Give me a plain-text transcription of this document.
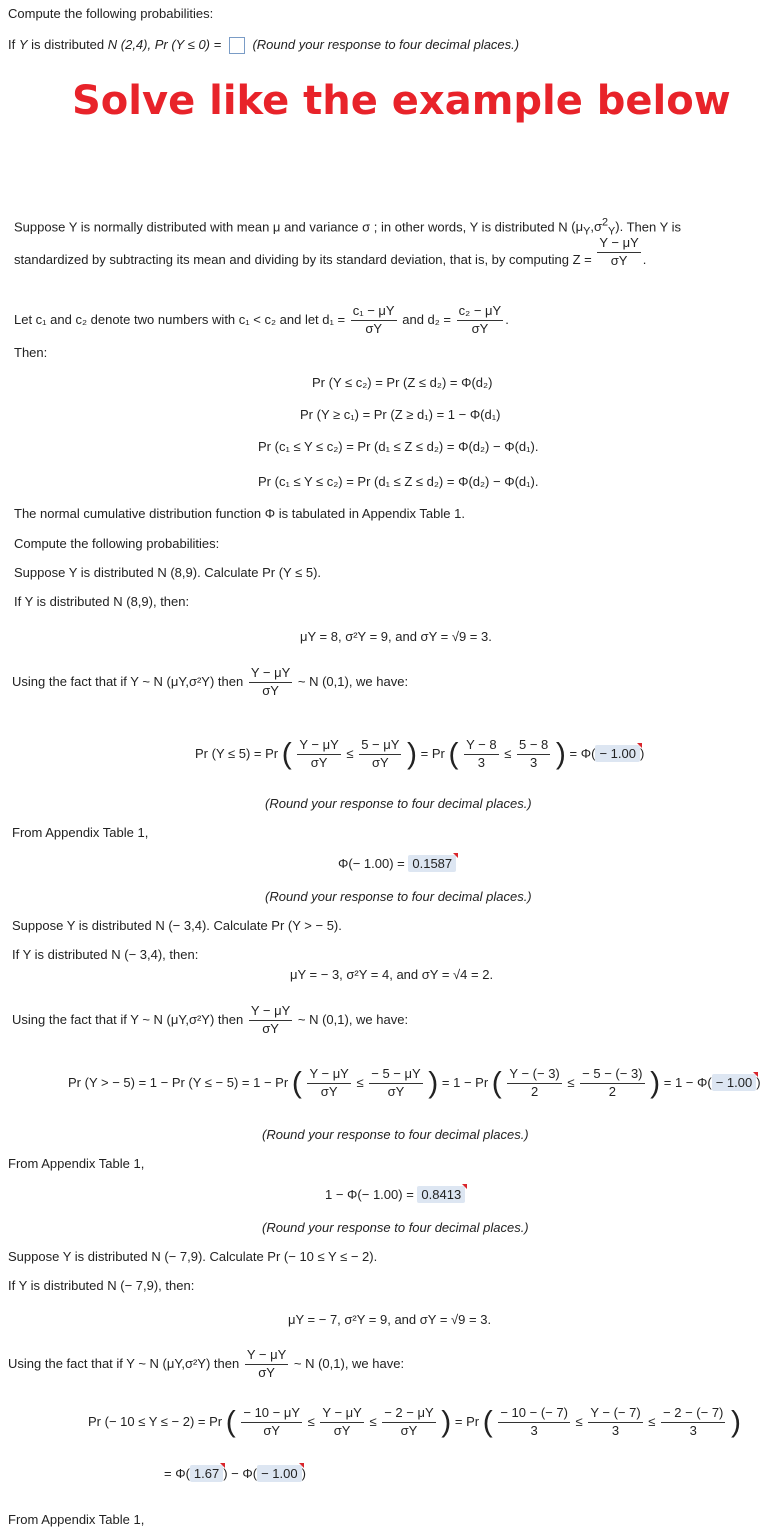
Compute the following probabilities:
If Y is distributed N (2,4), Pr (Y ≤ 0) = (Round your response to four decimal places.)
Solve like the example below
Suppose Y is normally distributed with mean μ and variance σ ; in other words, Y is distributed N $(\mu_Y,\sigma^2_Y)$. Then Y is
standardized by subtracting its mean and dividing by its standard deviation, that is, by computing $Z = \frac{Y - \mu Y}{\sigma Y}$ .
Let c₁ and c₂ denote two numbers with c₁ < c₂ and let $d_1 = \frac{\text{c₁ − μY}}{\sigma Y}$ and $d_2 = \frac{\text{c₂ − μY}}{\sigma Y}$ .
Then:
Pr (Y ≤ c₂) = Pr (Z ≤ d₂) = Φ(d₂)
Pr (Y ≥ c₁) = Pr (Z ≥ d₁) = 1 − Φ(d₁)
Pr (c₁ ≤ Y ≤ c₂) = Pr (d₁ ≤ Z ≤ d₂) = Φ(d₂) − Φ(d₁).
Pr (c₁ ≤ Y ≤ c₂) = Pr (d₁ ≤ Z ≤ d₂) = Φ(d₂) − Φ(d₁).
The normal cumulative distribution function Φ is tabulated in Appendix Table 1.
Compute the following probabilities:
Suppose Y is distributed N (8,9). Calculate Pr (Y ≤ 5).
If Y is distributed N (8,9), then:
μY = 8, σ²Y = 9, and σY = √9 = 3.
Using the fact that if Y ~ N (μY,σ²Y) then $\frac{Y - \mu Y}{\sigma Y}$ ~ N (0,1), we have:
Pr (Y ≤ 5) = Pr ( $\frac{Y - \mu Y}{\sigma Y} \le \frac{5 - \mu Y}{\sigma Y}$ ) = Pr ( $\frac{Y - 8}{3} \le \frac{5 - 8}{3}$ ) = Φ( − 1.00 )
(Round your response to four decimal places.)
From Appendix Table 1,
Φ(− 1.00) = 0.1587
(Round your response to four decimal places.)
Suppose Y is distributed N (− 3,4). Calculate Pr (Y > − 5).
If Y is distributed N (− 3,4), then:
μY = − 3, σ²Y = 4, and σY = √4 = 2.
Using the fact that if Y ~ N (μY,σ²Y) then $\frac{Y - \mu Y}{\sigma Y}$ ~ N (0,1), we have:
Pr (Y > − 5) = 1 − Pr (Y ≤ − 5) = 1 − Pr ( $\frac{Y - \mu Y}{\sigma Y} \le \frac{- 5 - \mu Y}{\sigma Y}$ ) = 1 − Pr ( $\frac{Y - (- 3)}{2} \le \frac{- 5 - (- 3)}{2}$ ) = 1 − Φ( − 1.00 )
(Round your response to four decimal places.)
From Appendix Table 1,
1 − Φ(− 1.00) = 0.8413
(Round your response to four decimal places.)
Suppose Y is distributed N (− 7,9). Calculate Pr (− 10 ≤ Y ≤ − 2).
If Y is distributed N (− 7,9), then:
μY = − 7, σ²Y = 9, and σY = √9 = 3.
Using the fact that if Y ~ N (μY,σ²Y) then $\frac{Y - \mu Y}{\sigma Y}$ ~ N (0,1), we have:
Pr (− 10 ≤ Y ≤ − 2) = Pr ( $\frac{- 10 - \mu Y}{\sigma Y} \le \frac{Y - \mu Y}{\sigma Y} \le \frac{- 2 - \mu Y}{\sigma Y}$ ) = Pr ( $\frac{- 10 - (- 7)}{3} \le \frac{Y - (- 7)}{3} \le \frac{- 2 - (- 7)}{3}$ )
= Φ( 1.67 ) − Φ( − 1.00 )
From Appendix Table 1,
